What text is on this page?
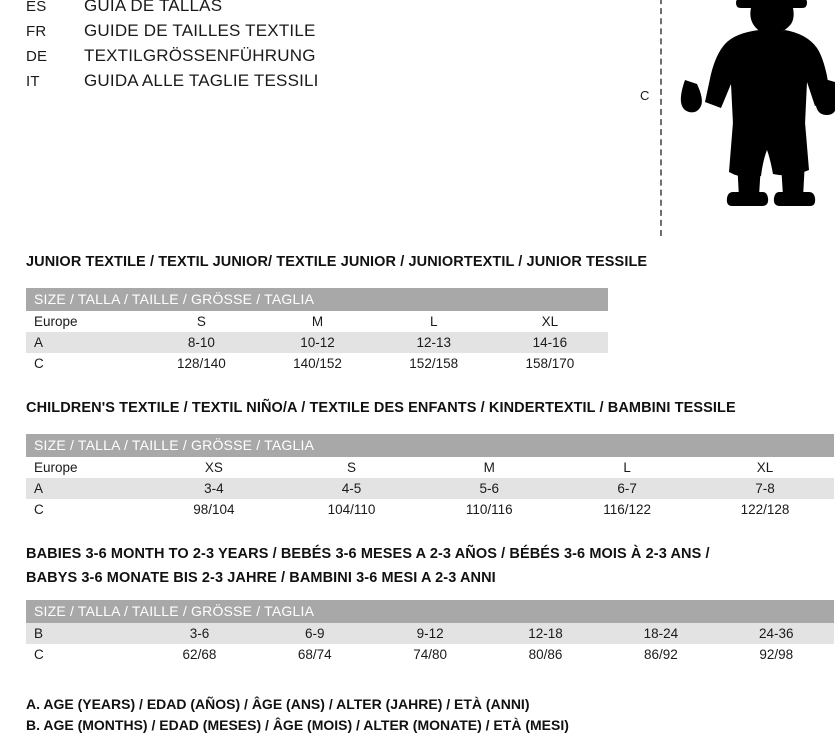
ES	GUIA DE TALLAS
FR	GUIDE DE TAILLES TEXTILE
DE	TEXTILGRÖSSENFÜHRUNG
IT	GUIDA ALLE TAGLIE TESSILI
C
JUNIOR TEXTILE / TEXTIL JUNIOR/ TEXTILE JUNIOR / JUNIORTEXTIL / JUNIOR TESSILE
SIZE / TALLA / TAILLE / GRÖSSE / TAGLIA				
Europe	S	M	L	XL
A	8-10	10-12	12-13	14-16
C	128/140	140/152	152/158	158/170
CHILDREN'S TEXTILE / TEXTIL NIÑO/A / TEXTILE DES ENFANTS / KINDERTEXTIL / BAMBINI TESSILE
SIZE / TALLA / TAILLE / GRÖSSE / TAGLIA					
Europe	XS	S	M	L	XL
A	3-4	4-5	5-6	6-7	7-8
C	98/104	104/110	110/116	116/122	122/128
BABIES 3-6 MONTH TO 2-3 YEARS / BEBÉS 3-6 MESES A 2-3 AÑOS / BÉBÉS 3-6 MOIS À 2-3 ANS /
BABYS 3-6 MONATE BIS 2-3 JAHRE / BAMBINI 3-6 MESI A 2-3 ANNI
SIZE / TALLA / TAILLE / GRÖSSE / TAGLIA						
B	3-6	6-9	9-12	12-18	18-24	24-36
C	62/68	68/74	74/80	80/86	86/92	92/98
A. AGE (YEARS) / EDAD (AÑOS) / ÂGE (ANS) / ALTER (JAHRE) / ETÀ (ANNI)
B. AGE (MONTHS) / EDAD (MESES) / ÂGE (MOIS) / ALTER (MONATE) / ETÀ (MESI)
